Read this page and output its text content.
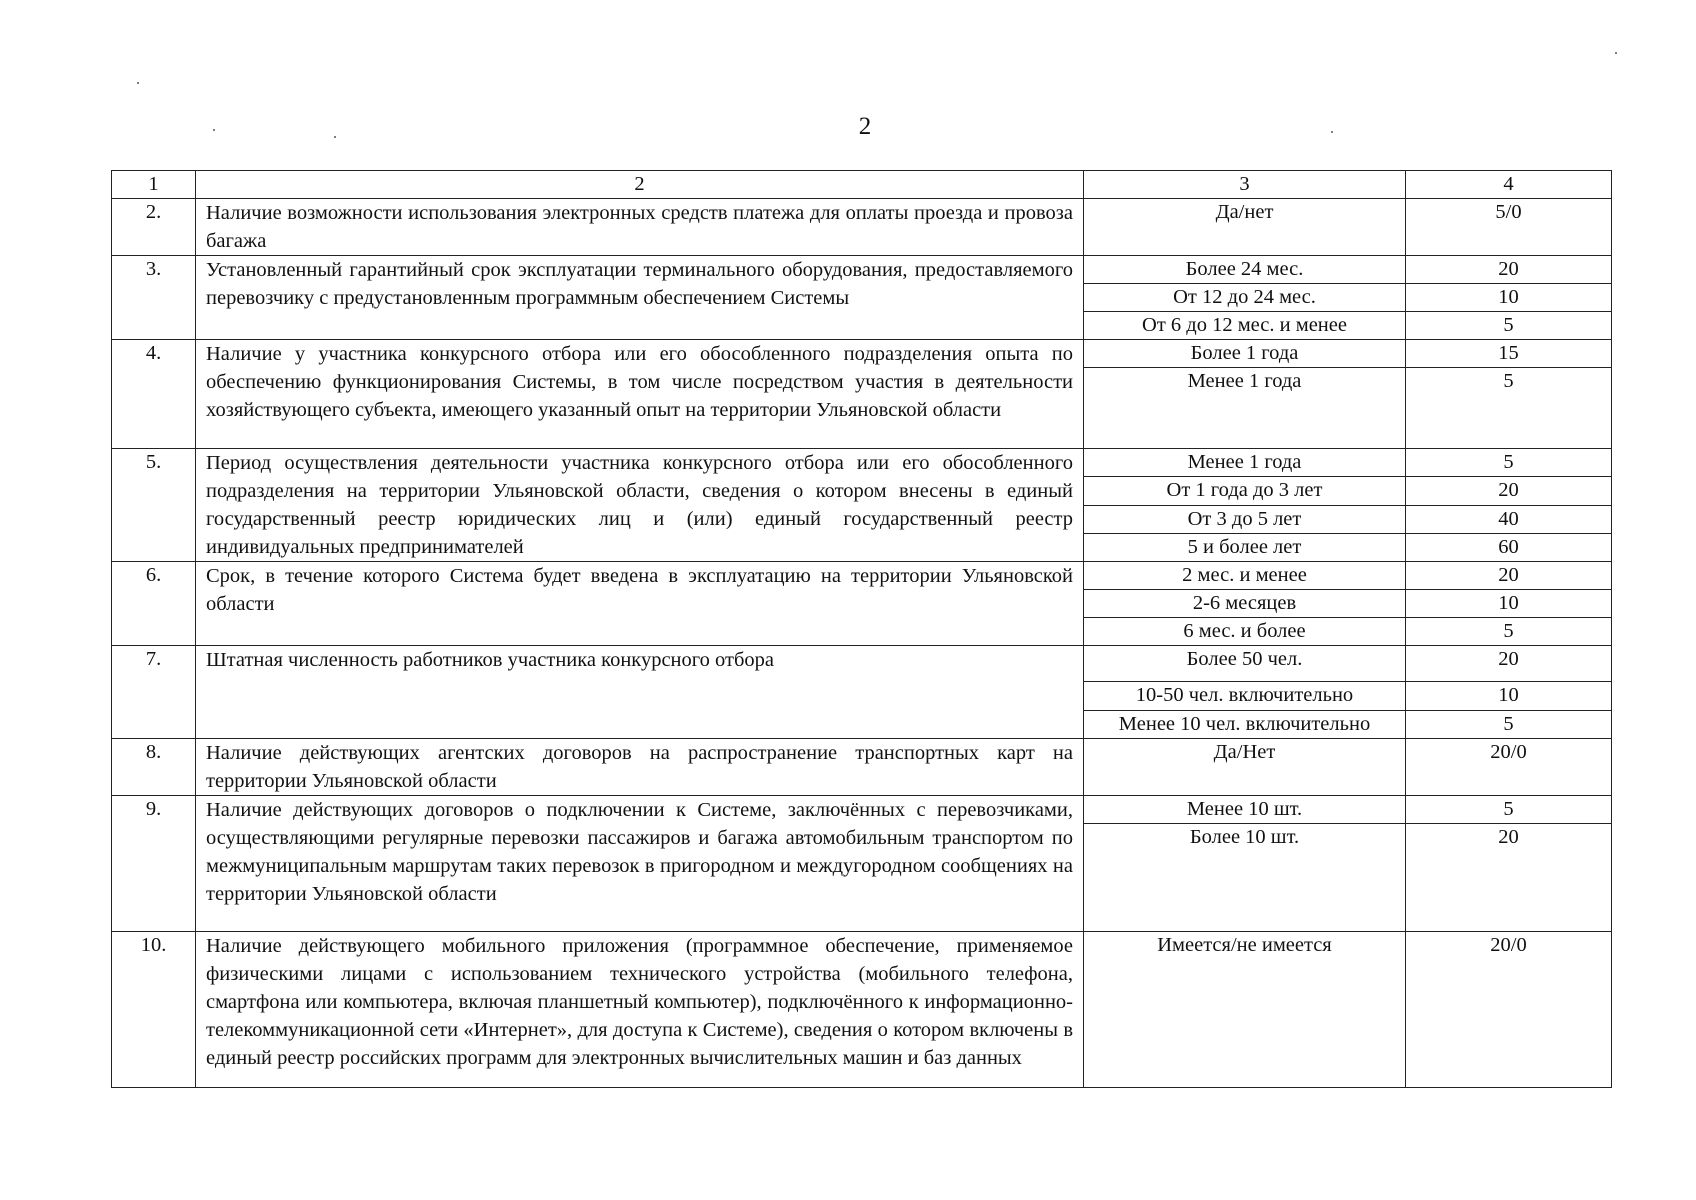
2
1	2	3	4
2.	Наличие возможности использования электронных средств платежа для оплаты проезда и провоза багажа	Да/нет	5/0
3.	Установленный гарантийный срок эксплуатации терминального оборудования, предоставляемого перевозчику с предустановленным программным обеспечением Системы	Более 24 мес.	20
		От 12 до 24 мес.	10
		От 6 до 12 мес. и менее	5
4.	Наличие у участника конкурсного отбора или его обособленного подразделения опыта по обеспечению функционирования Системы, в том числе посредством участия в деятельности хозяйствующего субъекта, имеющего указанный опыт на территории Ульяновской области	Более 1 года	15
		Менее 1 года	5
5.	Период осуществления деятельности участника конкурсного отбора или его обособленного подразделения на территории Ульяновской области, сведения о котором внесены в единый государственный реестр юридических лиц и (или) единый государственный реестр индивидуальных предпринимателей	Менее 1 года	5
		От 1 года до 3 лет	20
		От 3 до 5 лет	40
		5 и более лет	60
6.	Срок, в течение которого Система будет введена в эксплуатацию на территории Ульяновской области	2 мес. и менее	20
		2-6 месяцев	10
		6 мес. и более	5
7.	Штатная численность работников участника конкурсного отбора	Более 50 чел.	20
		10-50 чел. включительно	10
		Менее 10 чел. включительно	5
8.	Наличие действующих агентских договоров на распространение транспортных карт на территории Ульяновской области	Да/Нет	20/0
9.	Наличие действующих договоров о подключении к Системе, заключённых с перевозчиками, осуществляющими регулярные перевозки пассажиров и багажа автомобильным транспортом по межмуниципальным маршрутам таких перевозок в пригородном и междугородном сообщениях на территории Ульяновской области	Менее 10 шт.	5
		Более 10 шт.	20
10.	Наличие действующего мобильного приложения (программное обеспечение, применяемое физическими лицами с использованием технического устройства (мобильного телефона, смартфона или компьютера, включая планшетный компьютер), подключённого к информационно-телекоммуникационной сети «Интернет», для доступа к Системе), сведения о котором включены в единый реестр российских программ для электронных вычислительных машин и баз данных	Имеется/не имеется	20/0
